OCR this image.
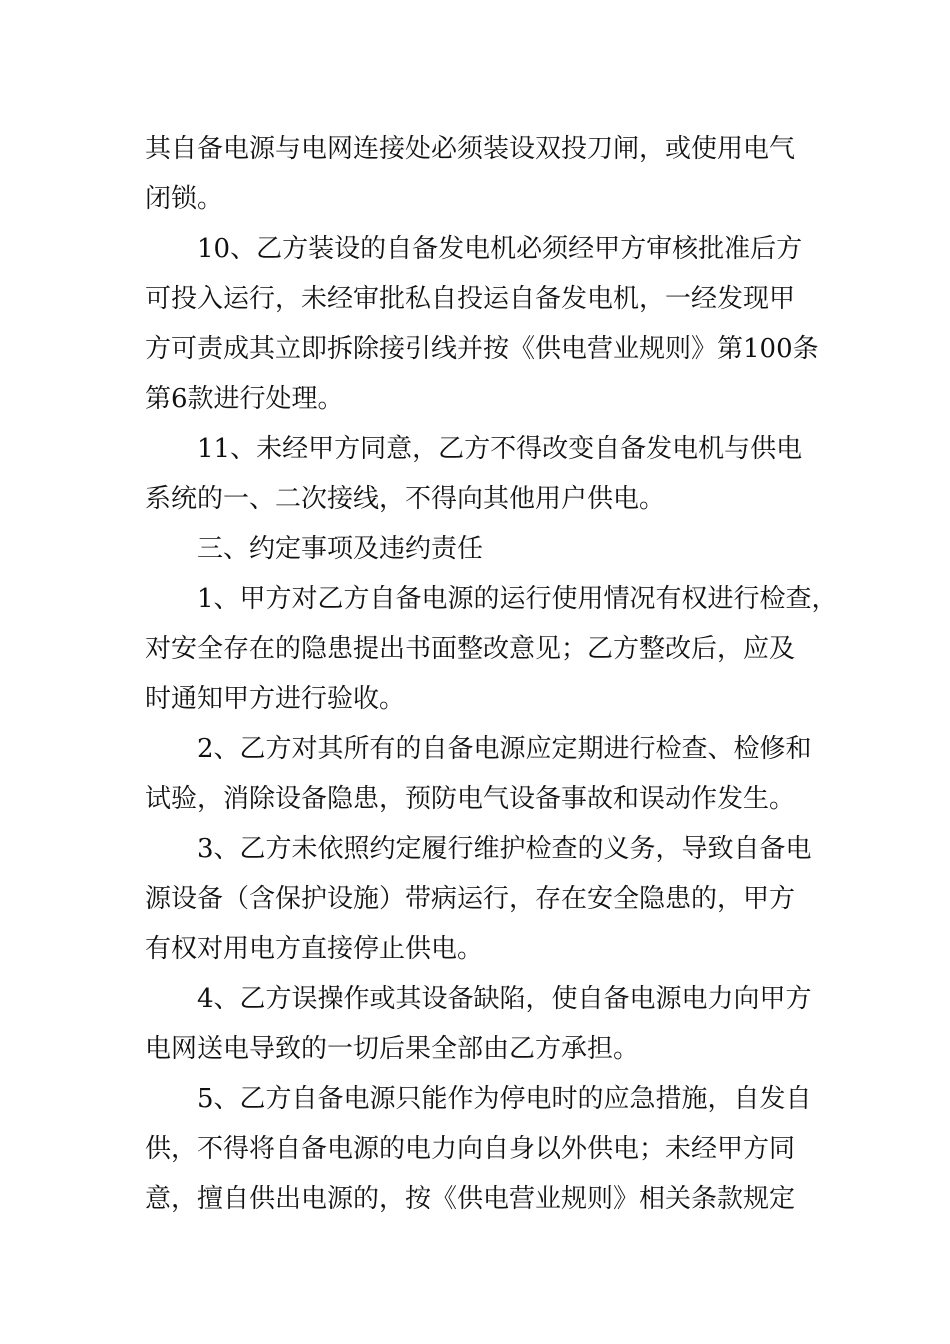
其自备电源与电网连接处必须装设双投刀闸，或使用电气
闭锁。
10、乙方装设的自备发电机必须经甲方审核批准后方
可投入运行，未经审批私自投运自备发电机，一经发现甲
方可责成其立即拆除接引线并按《供电营业规则》第100条
第6款进行处理。
11、未经甲方同意，乙方不得改变自备发电机与供电
系统的一、二次接线，不得向其他用户供电。
三、约定事项及违约责任
1、甲方对乙方自备电源的运行使用情况有权进行检查，
对安全存在的隐患提出书面整改意见；乙方整改后，应及
时通知甲方进行验收。
2、乙方对其所有的自备电源应定期进行检查、检修和
试验，消除设备隐患，预防电气设备事故和误动作发生。
3、乙方未依照约定履行维护检查的义务，导致自备电
源设备（含保护设施）带病运行，存在安全隐患的，甲方
有权对用电方直接停止供电。
4、乙方误操作或其设备缺陷，使自备电源电力向甲方
电网送电导致的一切后果全部由乙方承担。
5、乙方自备电源只能作为停电时的应急措施，自发自
供，不得将自备电源的电力向自身以外供电；未经甲方同
意，擅自供出电源的，按《供电营业规则》相关条款规定
